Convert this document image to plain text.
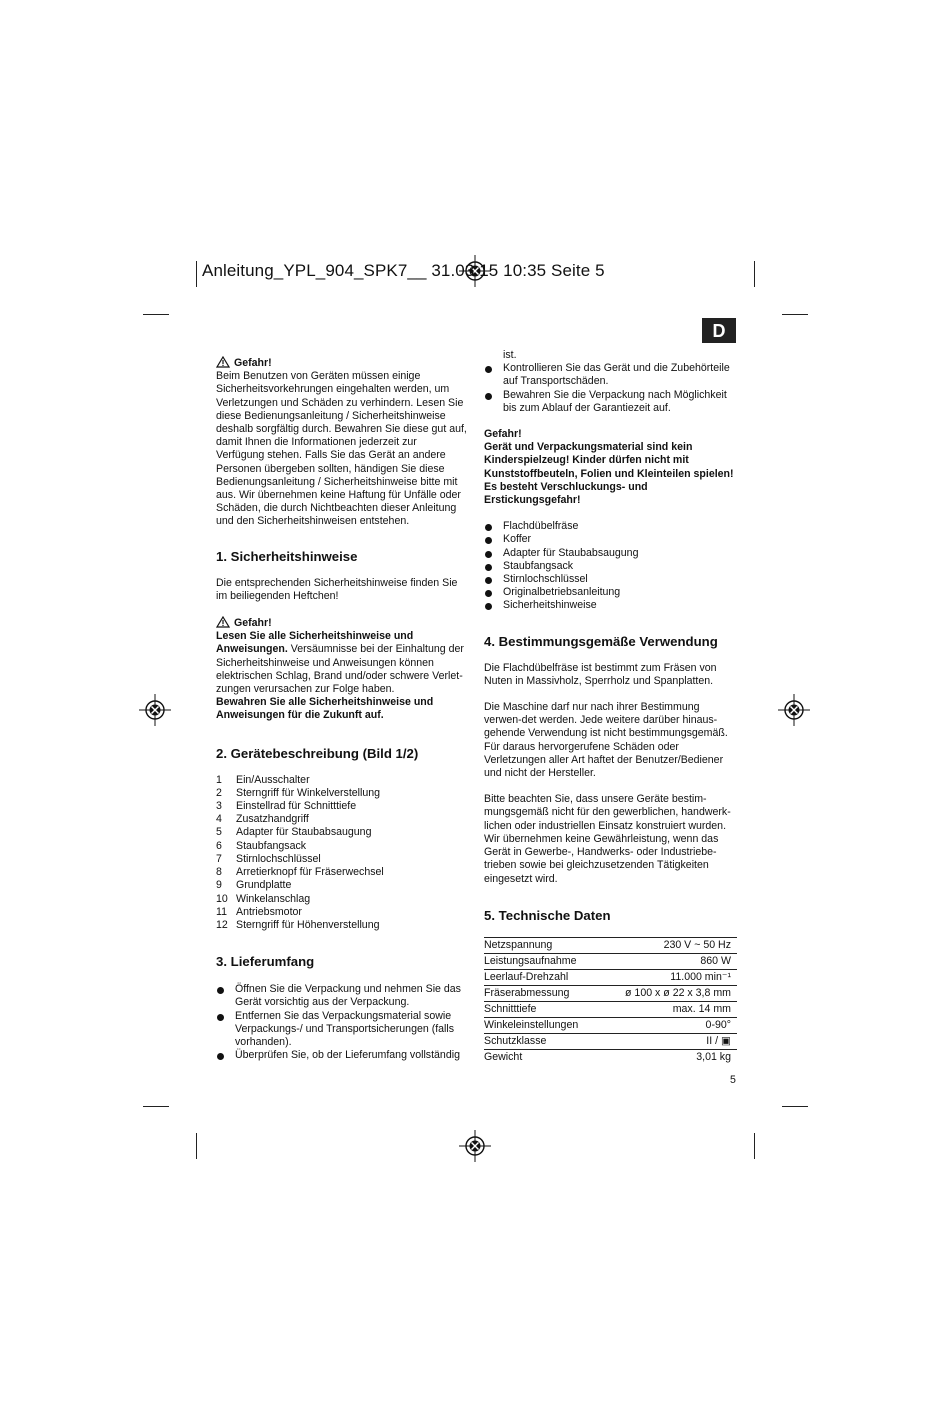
Anleitung_YPL_904_SPK7__ 31.03.15 10:35 Seite 5
D

Gefahr!

Beim Benutzen von Geräten müssen einige Sicherheitsvorkehrungen eingehalten werden, um Verletzungen und Schäden zu verhindern. Lesen Sie diese Bedienungsanleitung / Sicherheitshinweise deshalb sorgfältig durch. Bewahren Sie diese gut auf, damit Ihnen die Informationen jederzeit zur Verfügung stehen. Falls Sie das Gerät an andere Personen übergeben sollten, händigen Sie diese Bedienungsanleitung / Sicherheitshinweise bitte mit aus. Wir übernehmen keine Haftung für Unfälle oder Schäden, die durch Nichtbeachten dieser Anleitung und den Sicherheitshinweisen entstehen.

1. Sicherheitshinweise

Die entsprechenden Sicherheitshinweise finden Sie im beiliegenden Heftchen!

Gefahr!

Lesen Sie alle Sicherheitshinweise und Anweisungen. Versäumnisse bei der Einhaltung der Sicherheitshinweise und Anweisungen können elektrischen Schlag, Brand und/oder schwere Verlet-zungen verursachen zur Folge haben.

Bewahren Sie alle Sicherheitshinweise und Anweisungen für die Zukunft auf.

2. Gerätebeschreibung (Bild 1/2)
1	Ein/Ausschalter
2	Sterngriff für Winkelverstellung
3	Einstellrad für Schnitttiefe
4	Zusatzhandgriff
5	Adapter für Staubabsaugung
6	Staubfangsack
7	Stirnlochschlüssel
8	Arretierknopf für Fräserwechsel
9	Grundplatte
10 Winkelanschlag
11 Antriebsmotor
12 Sterngriff für Höhenverstellung
3. Lieferumfang
Öffnen Sie die Verpackung und nehmen Sie das Gerät vorsichtig aus der Verpackung.
Entfernen Sie das Verpackungsmaterial sowie Verpackungs-/ und Transportsicherungen (falls vorhanden).
Überprüfen Sie, ob der Lieferumfang vollständig

ist.

Kontrollieren Sie das Gerät und die Zubehörteile auf Transportschäden.
Bewahren Sie die Verpackung nach Möglichkeit bis zum Ablauf der Garantiezeit auf.

Gefahr!

Gerät und Verpackungsmaterial sind kein Kinderspielzeug! Kinder dürfen nicht mit Kunststoffbeuteln, Folien und Kleinteilen spielen! Es besteht Verschluckungs- und Erstickungsgefahr!

Flachdübelfräse
Koffer
Adapter für Staubabsaugung
Staubfangsack
Stirnlochschlüssel
Originalbetriebsanleitung
Sicherheitshinweise
4. Bestimmungsgemäße Verwendung

Die Flachdübelfräse ist bestimmt zum Fräsen von Nuten in Massivholz, Sperrholz und Spanplatten.

Die Maschine darf nur nach ihrer Bestimmung verwen-det werden. Jede weitere darüber hinaus-gehende Verwendung ist nicht bestimmungsgemäß. Für daraus hervorgerufene Schäden oder Verletzungen aller Art haftet der Benutzer/Bediener und nicht der Hersteller.

Bitte beachten Sie, dass unsere Geräte bestim-mungsgemäß nicht für den gewerblichen, handwerk-lichen oder industriellen Einsatz konstruiert wurden. Wir übernehmen keine Gewährleistung, wenn das Gerät in Gewerbe-, Handwerks- oder Industriebe-trieben sowie bei gleichzusetzenden Tätigkeiten eingesetzt wird.

5. Technische Daten
Netzspannung	230 V ~ 50 Hz
Leistungsaufnahme	860 W
Leerlauf-Drehzahl	11.000 min⁻¹
Fräserabmessung	ø 100 x ø 22 x 3,8 mm
Schnitttiefe	max. 14 mm
Winkeleinstellungen	0-90°
Schutzklasse	II / ▣
Gewicht	3,01 kg
5
